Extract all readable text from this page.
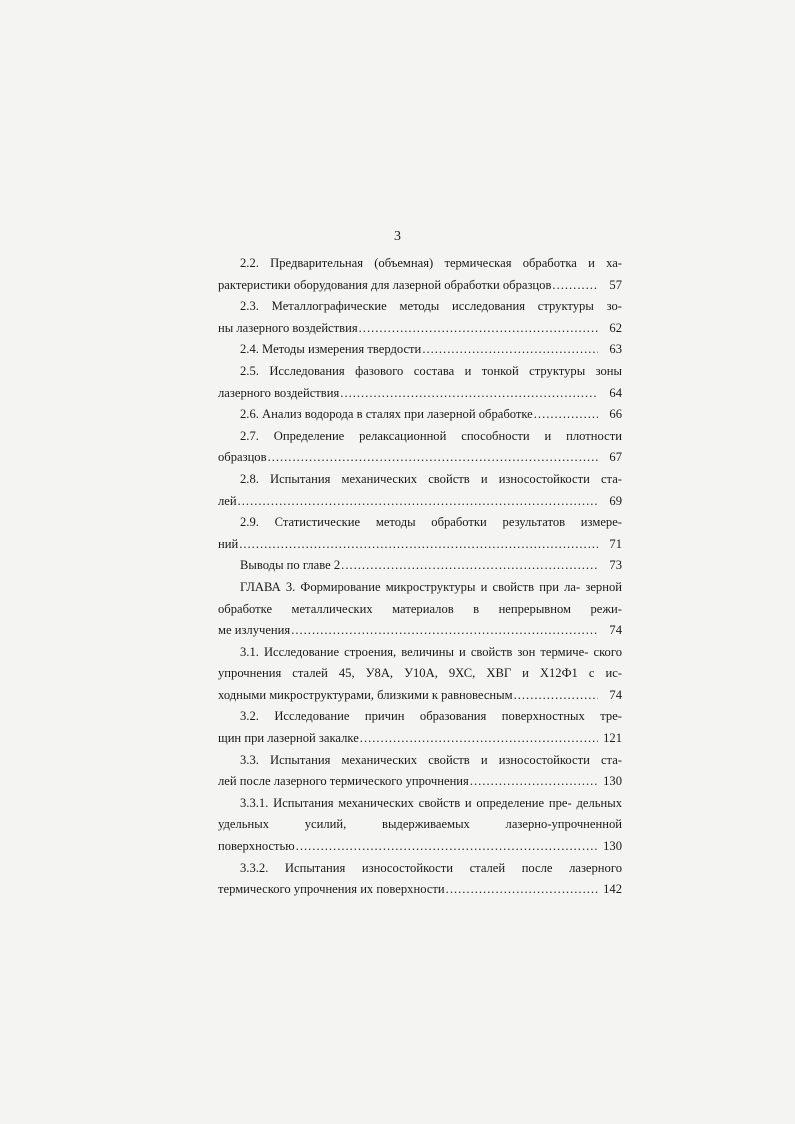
3
2.2. Предварительная (объемная) термическая обработка и ха-
рактеристики оборудования для лазерной обработки образцов .....	57
2.3. Металлографические методы исследования структуры зо-
ны лазерного воздействия .....	62
2.4. Методы измерения твердости .....	63
2.5. Исследования фазового состава и тонкой структуры зоны
лазерного воздействия .....	64
2.6. Анализ водорода в сталях при лазерной обработке .....	66
2.7. Определение релаксационной способности и плотности
образцов .....	67
2.8. Испытания механических свойств и износостойкости ста-
лей .....	69
2.9. Статистические методы обработки результатов измере-
ний .....	71
Выводы по главе 2 .....	73
ГЛАВА 3. Формирование микроструктуры и свойств при ла- зерной обработке металлических материалов в непрерывном режи-
ме излучения .....	74
3.1. Исследование строения, величины и свойств зон термиче- ского упрочнения сталей 45, У8А, У10А, 9ХС, ХВГ и Х12Ф1 с ис-
ходными микроструктурами, близкими к равновесным .....	74
3.2. Исследование причин образования поверхностных тре-
щин при лазерной закалке .....	121
3.3. Испытания механических свойств и износостойкости ста-
лей после лазерного термического упрочнения .....	130
3.3.1. Испытания механических свойств и определение пре- дельных удельных усилий, выдерживаемых лазерно-упрочненной
поверхностью .....	130
3.3.2. Испытания износостойкости сталей после лазерного
термического упрочнения их поверхности .....	142
